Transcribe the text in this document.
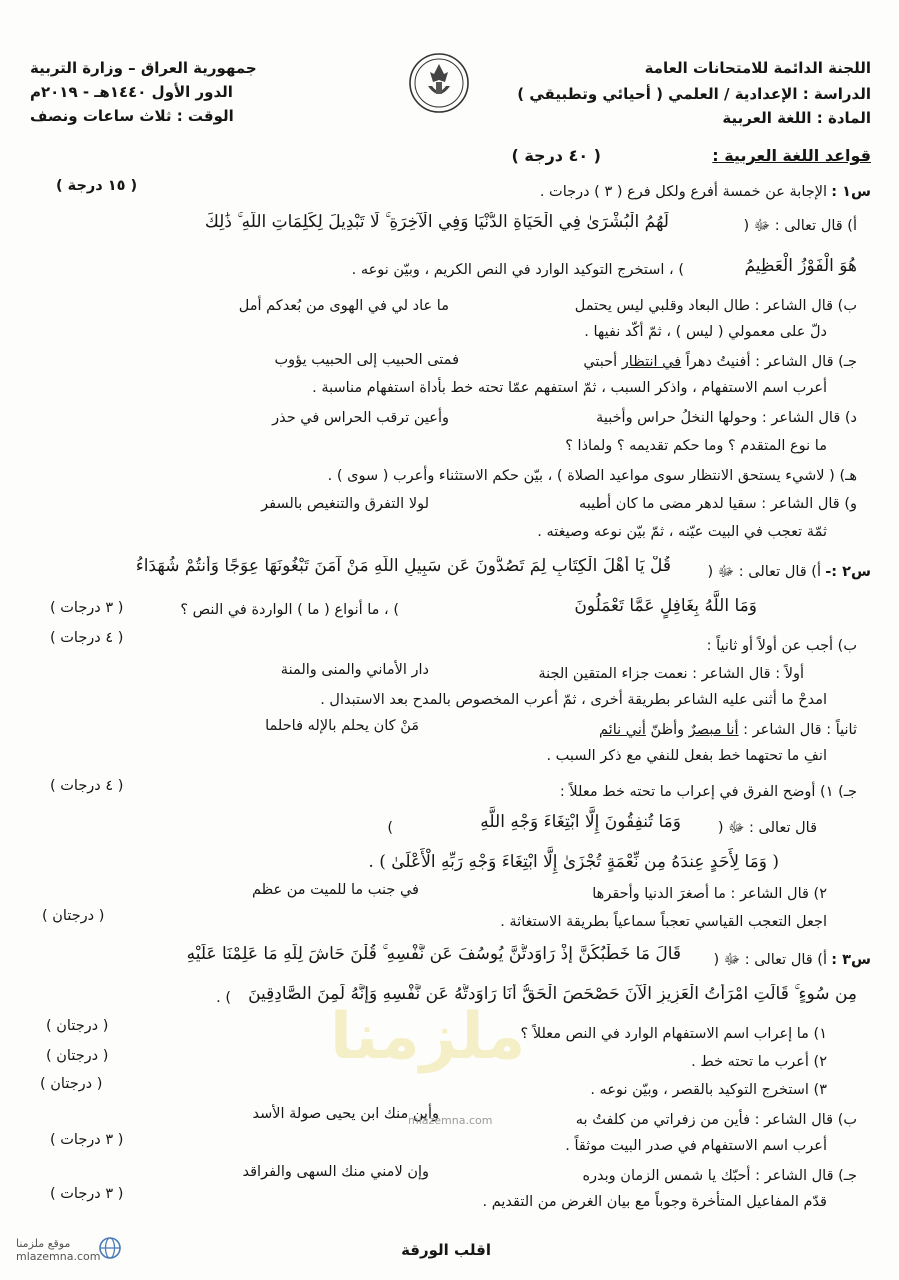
اللجنة الدائمة للامتحانات العامة
الدراسة : الإعدادية / العلمي ( أحيائي وتطبيقي )
المادة : اللغة العربية
جمهورية العراق – وزارة التربية
الدور الأول ١٤٤٠هـ - ٢٠١٩م
الوقت : ثلاث ساعات ونصف
قواعد اللغة العربية :
( ٤٠ درجة )
س١ :
الإجابة عن خمسة أفرع ولكل فرع ( ٣ ) درجات .
( ١٥ درجة )
أ) قال تعالى : ﷻ (
لَهُمُ الْبُشْرَىٰ فِي الْحَيَاةِ الدُّنْيَا وَفِي الْآخِرَةِ ۚ لَا تَبْدِيلَ لِكَلِمَاتِ اللَّهِ ۚ ذَٰلِكَ
هُوَ الْفَوْزُ الْعَظِيمُ
) ، استخرج التوكيد الوارد في النص الكريم ، وبيّن نوعه .
ب) قال الشاعر : طال البعاد وقلبي ليس يحتمل
ما عاد لي في الهوى من بُعدكم أمل
دلّ على معمولي ( ليس ) ، ثمّ أكّد نفيها .
جـ) قال الشاعر : أفنيتُ دهراً في انتظار أحبتي
فمتى الحبيب إلى الحبيب يؤوب
أعرب اسم الاستفهام ، واذكر السبب ، ثمّ استفهم عمّا تحته خط بأداة استفهام مناسبة .
د) قال الشاعر : وحولها النخلُ حراس وأخبية
وأعين ترقب الحراس في حذر
ما نوع المتقدم ؟ وما حكم تقديمه ؟ ولماذا ؟
هـ) ( لاشيء يستحق الانتظار سوى مواعيد الصلاة ) ، بيّن حكم الاستثناء وأعرب ( سوى ) .
و) قال الشاعر : سقيا لدهر مضى ما كان أطيبه
لولا التفرق والتنغيص بالسفر
ثمّة تعجب في البيت عيّنه ، ثمّ بيّن نوعه وصيغته .
س٢ :-
أ) قال تعالى : ﷻ (
قُلْ يَا أَهْلَ الْكِتَابِ لِمَ تَصُدُّونَ عَن سَبِيلِ اللَّهِ مَنْ آمَنَ تَبْغُونَهَا عِوَجًا وَأَنتُمْ شُهَدَاءُ
وَمَا اللَّهُ بِغَافِلٍ عَمَّا تَعْمَلُونَ
) ، ما أنواع ( ما ) الواردة في النص ؟
( ٣ درجات )
ب) أجب عن أولاً أو ثانياً :
( ٤ درجات )
أولاً : قال الشاعر : نعمت جزاء المتقين الجنة
دار الأماني والمنى والمنة
امدحْ ما أثنى عليه الشاعر بطريقة أخرى ، ثمّ أعرب المخصوص بالمدح بعد الاستبدال .
ثانياً : قال الشاعر : أنا مبصرٌ وأظنّ أني نائم
مَنْ كان يحلم بالإله فاحلما
انفِ ما تحتهما خط بفعل للنفي مع ذكر السبب .
جـ) ١) أوضح الفرق في إعراب ما تحته خط معللاً :
( ٤ درجات )
قال تعالى : ﷻ (
وَمَا تُنفِقُونَ إِلَّا ابْتِغَاءَ وَجْهِ اللَّهِ
)
( وَمَا لِأَحَدٍ عِندَهُ مِن نِّعْمَةٍ تُجْزَىٰ إِلَّا ابْتِغَاءَ وَجْهِ رَبِّهِ الْأَعْلَىٰ ) .
٢) قال الشاعر : ما أصغرَ الدنيا وأحقرها
في جنب ما للميت من عظم
اجعل التعجب القياسي تعجباً سماعياً بطريقة الاستغاثة .
( درجتان )
س٣ :
أ) قال تعالى : ﷻ (
قَالَ مَا خَطْبُكُنَّ إِذْ رَاوَدتُّنَّ يُوسُفَ عَن نَّفْسِهِ ۚ قُلْنَ حَاشَ لِلَّهِ مَا عَلِمْنَا عَلَيْهِ
مِن سُوءٍ ۚ قَالَتِ امْرَأَتُ الْعَزِيزِ الْآنَ حَصْحَصَ الْحَقُّ أَنَا رَاوَدتُّهُ عَن نَّفْسِهِ وَإِنَّهُ لَمِنَ الصَّادِقِينَ
) .
١) ما إعراب اسم الاستفهام الوارد في النص معللاً ؟
( درجتان )
٢) أعرب ما تحته خط .
( درجتان )
٣) استخرج التوكيد بالقصر ، وبيّن نوعه .
( درجتان )
ب) قال الشاعر : فأين من زفراتي من كلفتُ به
وأين منك ابن يحيى صولة الأسد
أعرب اسم الاستفهام في صدر البيت موثقاً .
( ٣ درجات )
جـ) قال الشاعر : أحبّك يا شمس الزمان وبدره
وإن لامني منك السهى والفراقد
قدّم المفاعيل المتأخرة وجوباً مع بيان الغرض من التقديم .
( ٣ درجات )
ملزمنا
mlazemna.com
اقلب الورقة
موقع ملزمنا
mlazemna.com
